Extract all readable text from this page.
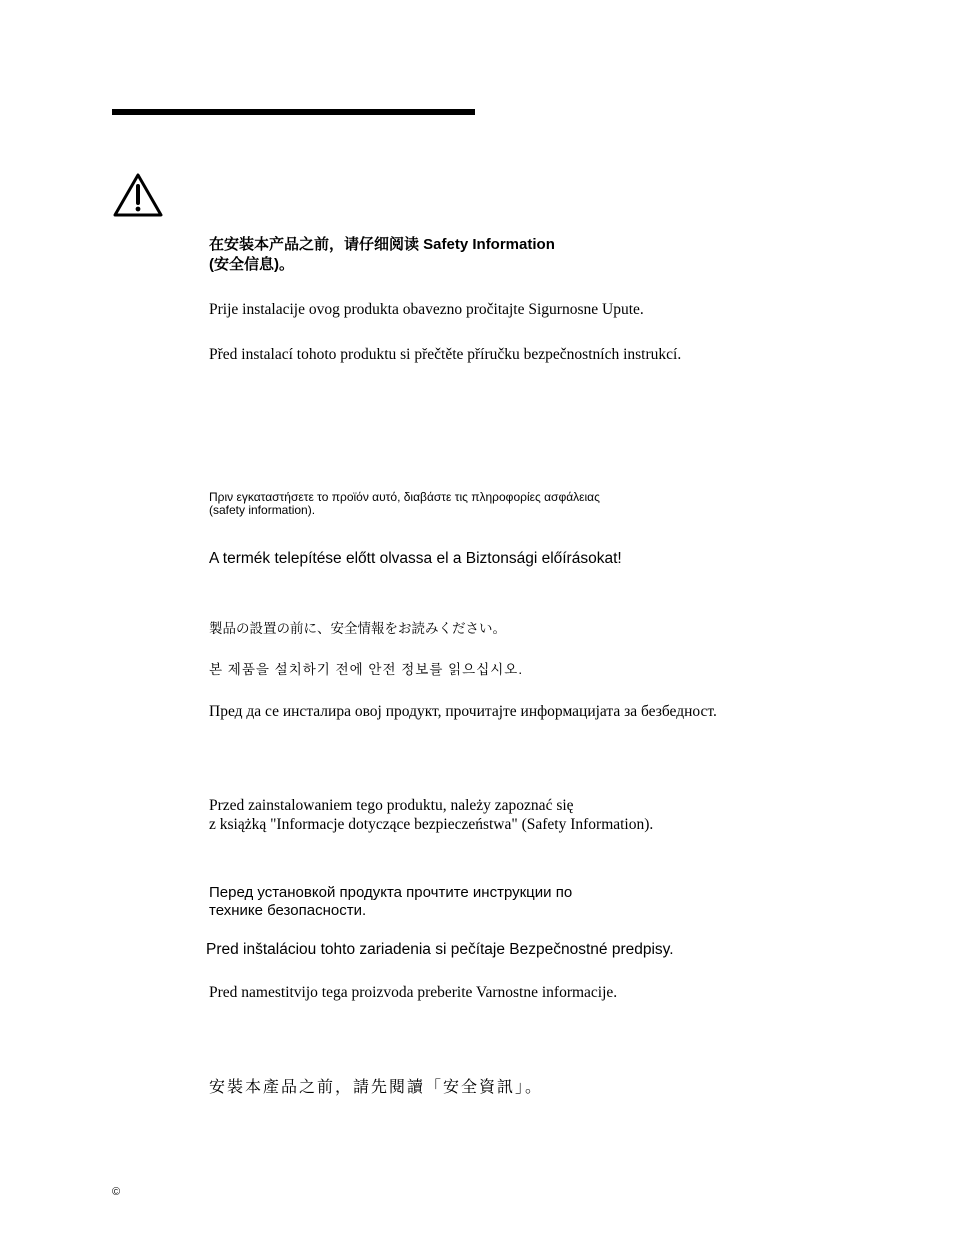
在安装本产品之前，请仔细阅读 Safety Information
(安全信息)。
Prije instalacije ovog produkta obavezno pročitajte Sigurnosne Upute.
Před instalací tohoto produktu si přečtěte příručku bezpečnostních instrukcí.
Πριν εγκαταστήσετε το προϊόν αυτό, διαβάστε τις πληροφορίες ασφάλειας
(safety information).
A termék telepítése előtt olvassa el a Biztonsági előírásokat!
製品の設置の前に、安全情報をお読みください。
본 제품을 설치하기 전에 안전 정보를 읽으십시오.
Пред да се инсталира овој продукт, прочитајте информацијата за безбедност.
Przed zainstalowaniem tego produktu, należy zapoznać się
z książką "Informacje dotyczące bezpieczeństwa" (Safety Information).
Перед установкой продукта прочтите инструкции по
технике безопасности.
Pred inštaláciou tohto zariadenia si pečítaje Bezpečnostné predpisy.
Pred namestitvijo tega proizvoda preberite Varnostne informacije.
安裝本產品之前，請先閱讀「安全資訊」。
©
